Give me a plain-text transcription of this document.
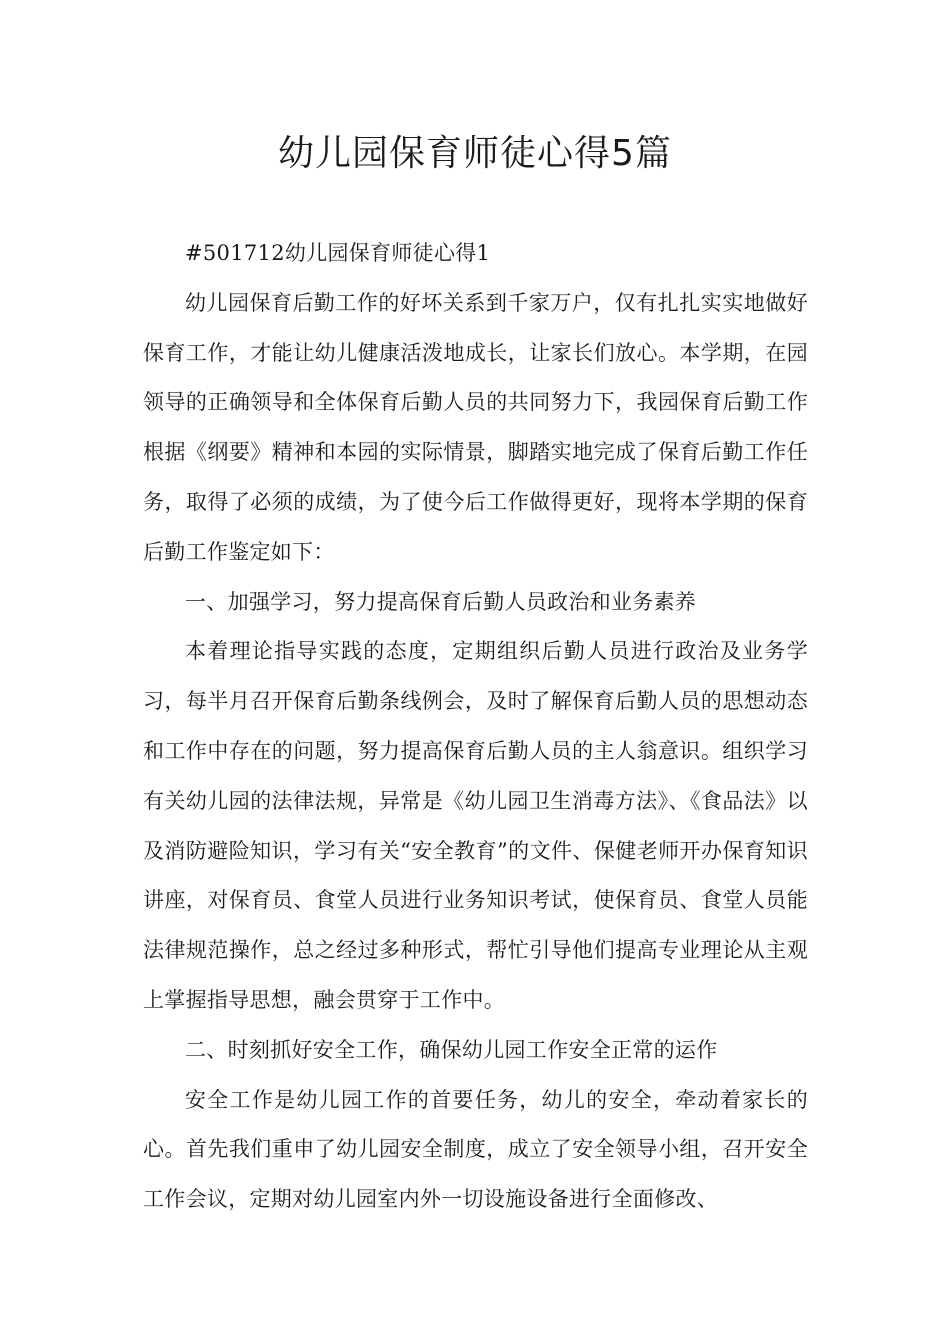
幼儿园保育师徒心得5篇

#501712幼儿园保育师徒心得1

幼儿园保育后勤工作的好坏关系到千家万户，仅有扎扎实实地做好保育工作，才能让幼儿健康活泼地成长，让家长们放心。本学期，在园领导的正确领导和全体保育后勤人员的共同努力下，我园保育后勤工作根据《纲要》精神和本园的实际情景，脚踏实地完成了保育后勤工作任务，取得了必须的成绩，为了使今后工作做得更好，现将本学期的保育后勤工作鉴定如下：

一、加强学习，努力提高保育后勤人员政治和业务素养

本着理论指导实践的态度，定期组织后勤人员进行政治及业务学习，每半月召开保育后勤条线例会，及时了解保育后勤人员的思想动态和工作中存在的问题，努力提高保育后勤人员的主人翁意识。组织学习有关幼儿园的法律法规，异常是《幼儿园卫生消毒方法》、《食品法》以及消防避险知识，学习有关“安全教育”的文件、保健老师开办保育知识讲座，对保育员、食堂人员进行业务知识考试，使保育员、食堂人员能法律规范操作，总之经过多种形式，帮忙引导他们提高专业理论从主观上掌握指导思想，融会贯穿于工作中。

二、时刻抓好安全工作，确保幼儿园工作安全正常的运作

安全工作是幼儿园工作的首要任务，幼儿的安全，牵动着家长的心。首先我们重申了幼儿园安全制度，成立了安全领导小组，召开安全工作会议，定期对幼儿园室内外一切设施设备进行全面修改、
